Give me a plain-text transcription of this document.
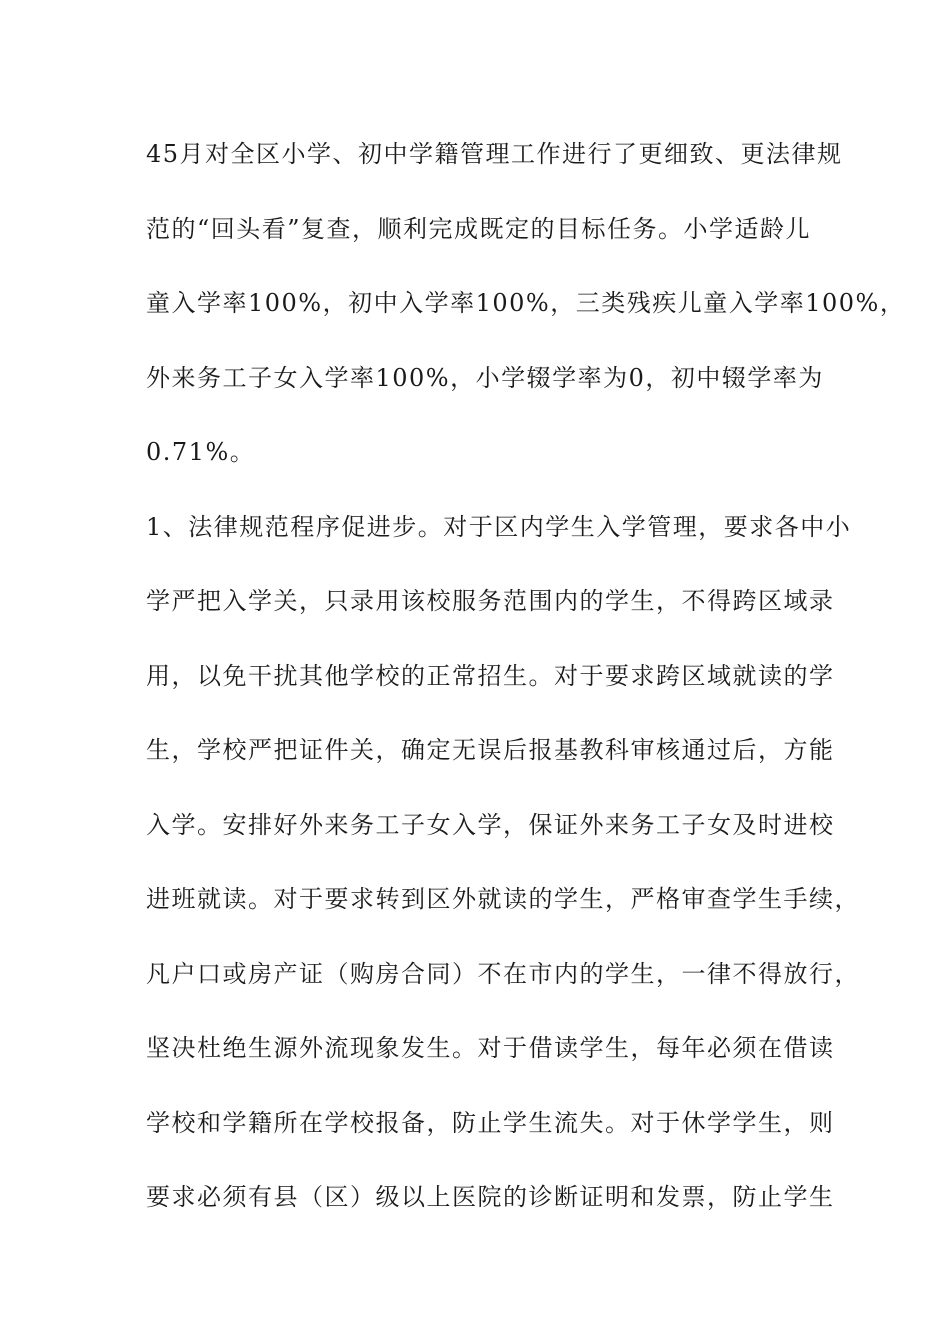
45月对全区小学、初中学籍管理工作进行了更细致、更法律规
范的“回头看”复查，顺利完成既定的目标任务。小学适龄儿
童入学率100%，初中入学率100%，三类残疾儿童入学率100%，
外来务工子女入学率100%，小学辍学率为0，初中辍学率为
0.71%。
1、法律规范程序促进步。对于区内学生入学管理，要求各中小
学严把入学关，只录用该校服务范围内的学生，不得跨区域录
用，以免干扰其他学校的正常招生。对于要求跨区域就读的学
生，学校严把证件关，确定无误后报基教科审核通过后，方能
入学。安排好外来务工子女入学，保证外来务工子女及时进校
进班就读。对于要求转到区外就读的学生，严格审查学生手续，
凡户口或房产证（购房合同）不在市内的学生，一律不得放行，
坚决杜绝生源外流现象发生。对于借读学生，每年必须在借读
学校和学籍所在学校报备，防止学生流失。对于休学学生，则
要求必须有县（区）级以上医院的诊断证明和发票，防止学生
